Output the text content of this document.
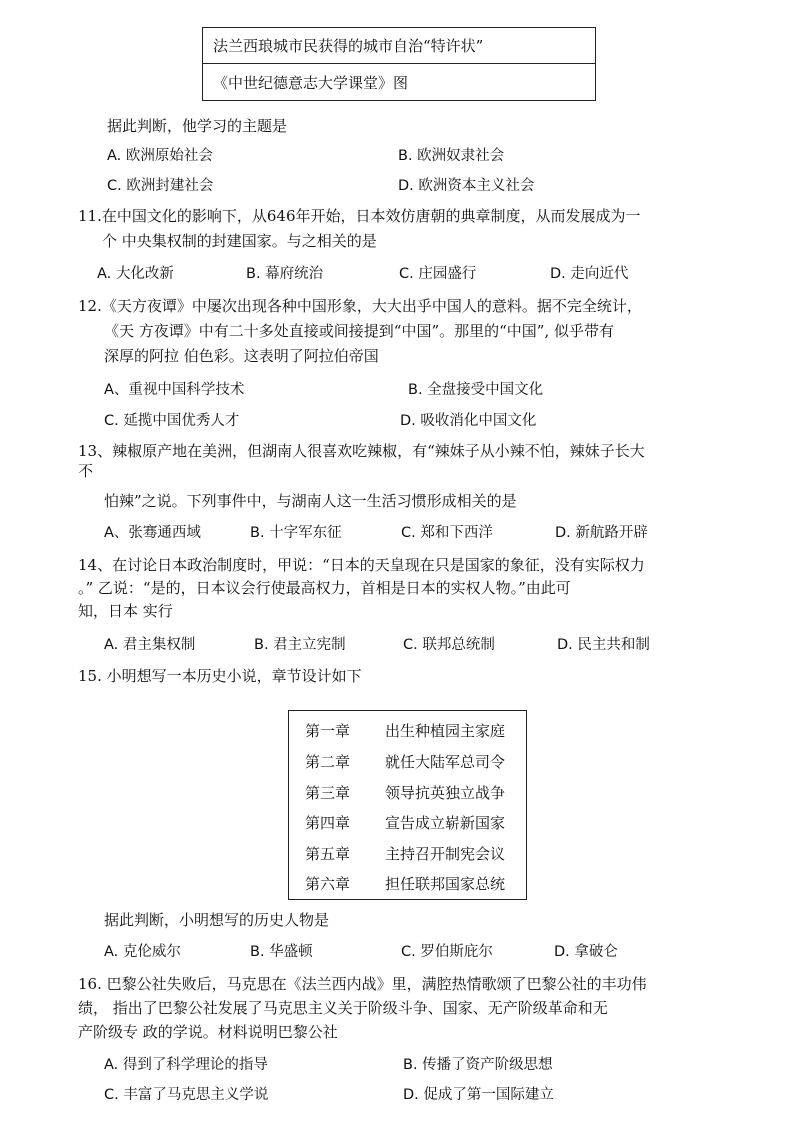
法兰西琅城市民获得的城市自治“特许状”
《中世纪德意志大学课堂》图
据此判断，他学习的主题是
A. 欧洲原始社会	B. 欧洲奴隶社会
C. 欧洲封建社会	D. 欧洲资本主义社会
11.在中国文化的影响下，从646年开始，日本效仿唐朝的典章制度，从而发展成为一
个 中央集权制的封建国家。与之相关的是
A. 大化改新	B. 幕府统治	C. 庄园盛行	D. 走向近代
12.《天方夜谭》中屡次出现各种中国形象，大大出乎中国人的意料。据不完全统计，
《天 方夜谭》中有二十多处直接或间接提到“中国”。那里的“中国”, 似乎带有
深厚的阿拉 伯色彩。这表明了阿拉伯帝国
A、重视中国科学技术	B. 全盘接受中国文化
C. 延揽中国优秀人才	D. 吸收消化中国文化
13、辣椒原产地在美洲，但湖南人很喜欢吃辣椒，有“辣妹子从小辣不怕，辣妹子长大
不
怕辣”之说。下列事件中，与湖南人这一生活习惯形成相关的是
A、张骞通西域	B. 十字军东征	C. 郑和下西洋	D. 新航路开辟
14、在讨论日本政治制度时，甲说：“日本的天皇现在只是国家的象征，没有实际权力
。” 乙说：“是的，日本议会行使最高权力，首相是日本的实权人物。”由此可
知，日本 实行
A. 君主集权制	B. 君主立宪制	C. 联邦总统制	D. 民主共和制
15. 小明想写一本历史小说，章节设计如下
第一章 出生种植园主家庭
第二章 就任大陆军总司令
第三章 领导抗英独立战争
第四章 宣告成立崭新国家
第五章 主持召开制宪会议
第六章 担任联邦国家总统
据此判断，小明想写的历史人物是
A. 克伦威尔	B. 华盛顿	C. 罗伯斯庇尔	D. 拿破仑
16. 巴黎公社失败后，马克思在《法兰西内战》里，满腔热情歌颂了巴黎公社的丰功伟
绩， 指出了巴黎公社发展了马克思主义关于阶级斗争、国家、无产阶级革命和无
产阶级专 政的学说。材料说明巴黎公社
A. 得到了科学理论的指导	B. 传播了资产阶级思想
C. 丰富了马克思主义学说	D. 促成了第一国际建立
